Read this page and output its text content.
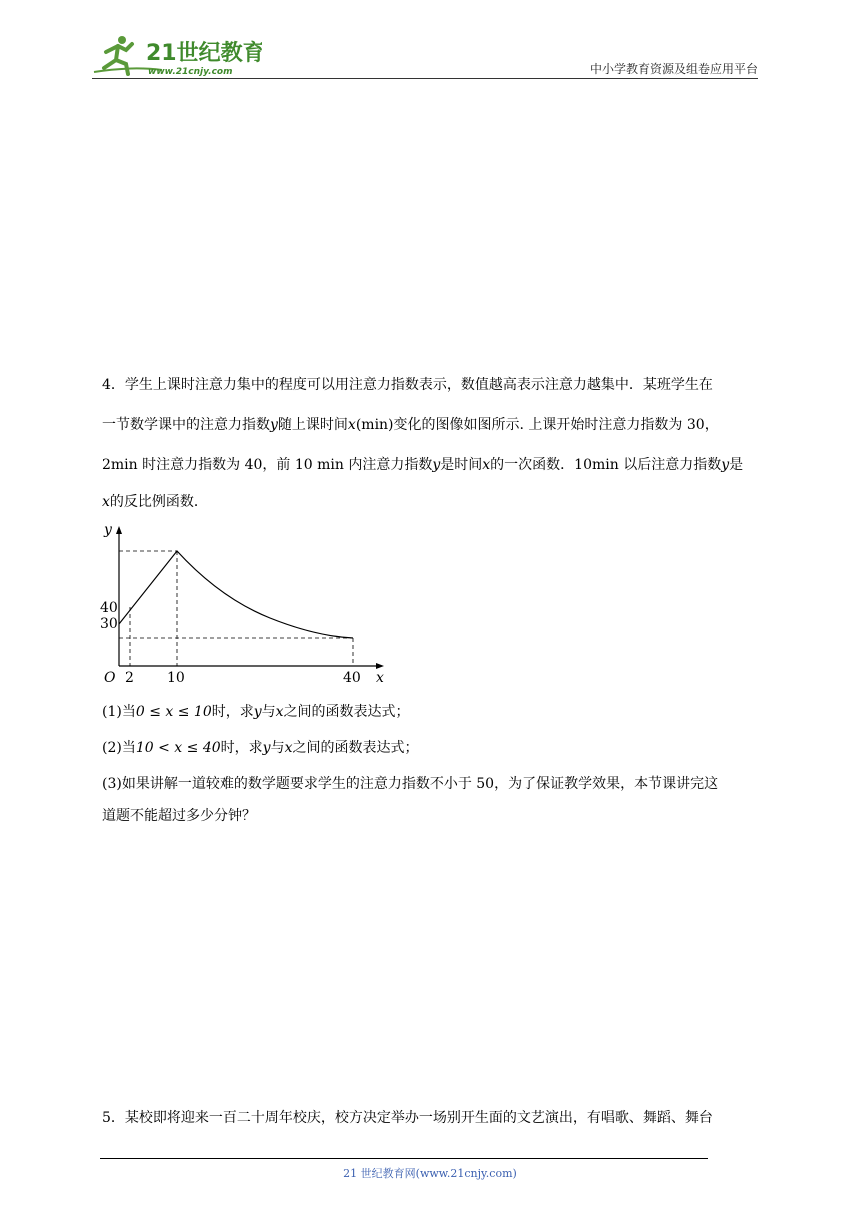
21世纪教育
www.21cnjy.com	中小学教育资源及组卷应用平台
4．学生上课时注意力集中的程度可以用注意力指数表示，数值越高表示注意力越集中．某班学生在
一节数学课中的注意力指数y随上课时间x(min)变化的图像如图所示. 上课开始时注意力指数为 30，
2min 时注意力指数为 40，前 10 min 内注意力指数y是时间x的一次函数．10min 以后注意力指数y是
x的反比例函数．
y
x
O
40
30
2 10	40
(1)当0 ≤ x ≤ 10时，求y与x之间的函数表达式；
(2)当10 < x ≤ 40时，求y与x之间的函数表达式；
(3)如果讲解一道较难的数学题要求学生的注意力指数不小于 50，为了保证教学效果，本节课讲完这
道题不能超过多少分钟？
5．某校即将迎来一百二十周年校庆，校方决定举办一场别开生面的文艺演出，有唱歌、舞蹈、舞台
21 世纪教育网(www.21cnjy.com)
